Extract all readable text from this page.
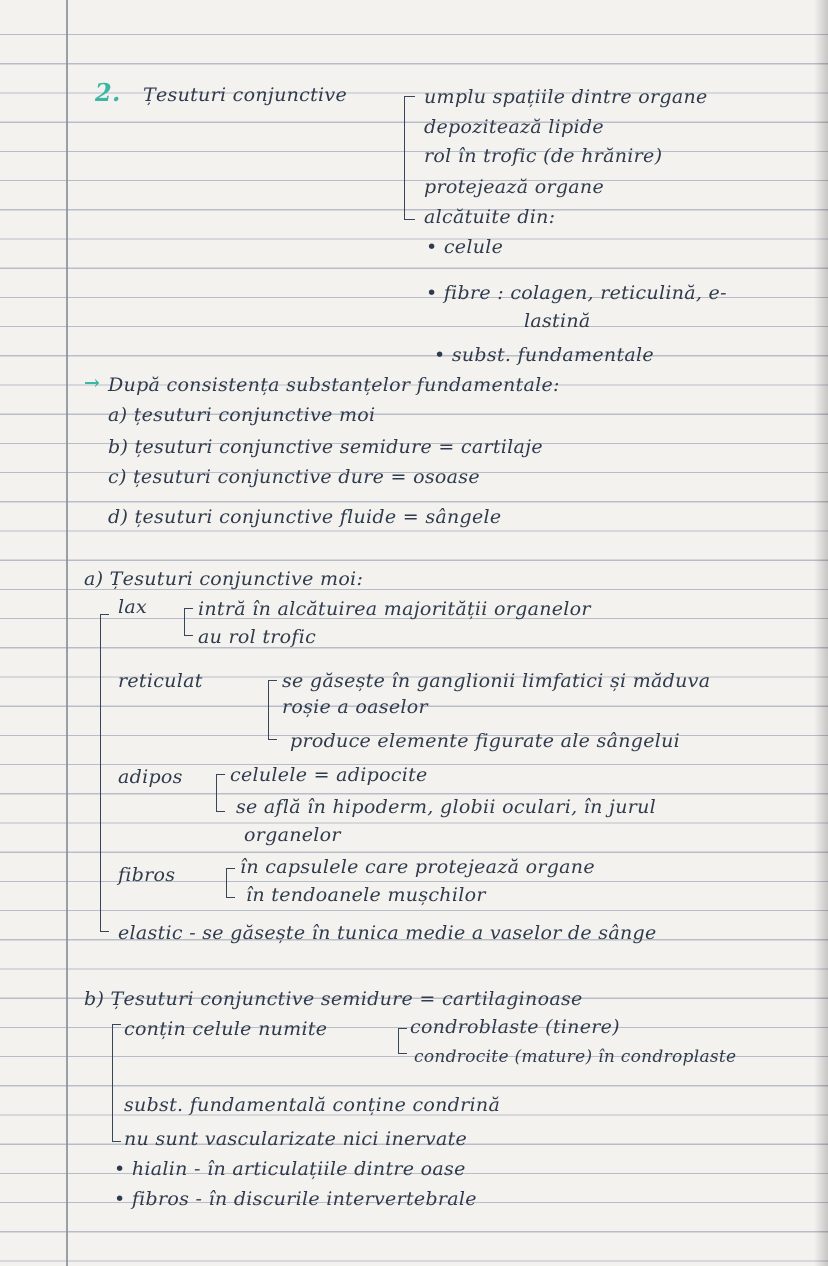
2. Țesuturi conjunctive	umplu spațiile dintre organe
depozitează lipide
rol în trofic (de hrănire)
protejează organe
alcătuite din:
• celule
• fibre : colagen, reticulină, e-
lastină
• subst. fundamentale
→ După consistența substanțelor fundamentale:
a) țesuturi conjunctive moi
b) țesuturi conjunctive semidure = cartilaje
c) țesuturi conjunctive dure = osoase
d) țesuturi conjunctive fluide = sângele
a) Țesuturi conjunctive moi:
lax	intră în alcătuirea majorității organelor
au rol trofic
reticulat	se găsește în ganglionii limfatici și măduva
roșie a oaselor
produce elemente figurate ale sângelui
adipos celulele = adipocite
se află în hipoderm, globii oculari, în jurul
organelor
fibros	în capsulele care protejează organe
în tendoanele mușchilor
elastic - se găsește în tunica medie a vaselor de sânge
b) Țesuturi conjunctive semidure = cartilaginoase
conțin celule numite	condroblaste (tinere)
condrocite (mature) în condroplaste
subst. fundamentală conține condrină
nu sunt vascularizate nici inervate
• hialin - în articulațiile dintre oase
• fibros - în discurile intervertebrale
